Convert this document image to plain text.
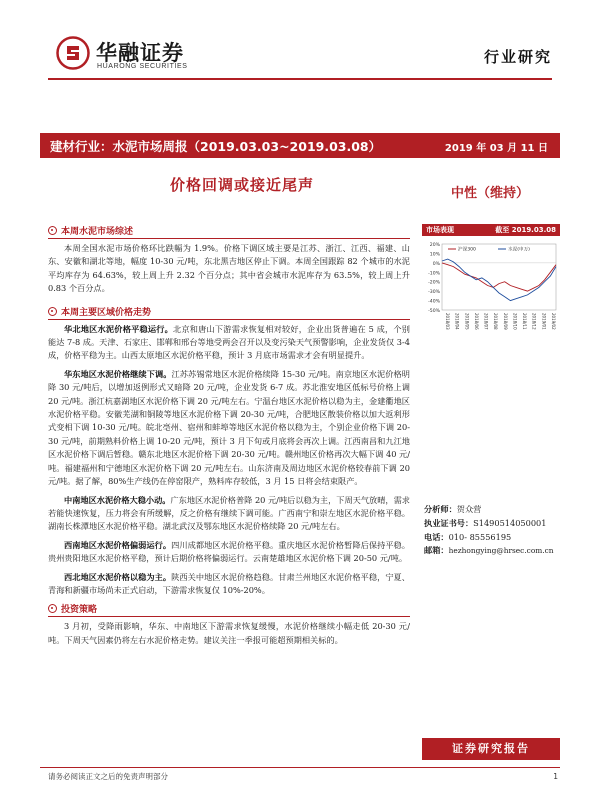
华融证券
HUARONG SECURITIES
行业研究
建材行业：水泥市场周报（2019.03.03~2019.03.08）	2019 年 03 月 11 日
价格回调或接近尾声	中性（维持）
本周水泥市场综述

本周全国水泥市场价格环比跌幅为 1.9%。价格下调区域主要是江苏、浙江、江西、福建、山东、安徽和湖北等地，幅度 10-30 元/吨，东北黑吉地区停止下调。本周全国跟踪 82 个城市的水泥平均库存为 64.63%，较上周上升 2.32 个百分点；其中省会城市水泥库存为 63.5%，较上周上升 0.83 个百分点。

本周主要区域价格走势

华北地区水泥价格平稳运行。北京和唐山下游需求恢复相对较好，企业出货普遍在 5 成，个别能达 7-8 成。天津、石家庄、邯郸和邢台等地受两会召开以及变污染天气预警影响，企业发货仅 3-4 成，价格平稳为主。山西太原地区水泥价格平稳，预计 3 月底市场需求才会有明显提升。

华东地区水泥价格继续下调。江苏苏锡常地区水泥价格续降 15-30 元/吨。南京地区水泥价格明降 30 元/吨后，以增加返例形式又暗降 20 元/吨，企业发货 6-7 成。苏北淮安地区低标号价格上调 20 元/吨。浙江杭嘉湖地区水泥价格下调 20 元/吨左右。宁温台地区水泥价格以稳为主，金建衢地区水泥价格平稳。安徽芜湖和铜陵等地区水泥价格下调 20-30 元/吨，合肥地区散装价格以加大返利形式变相下调 10-30 元/吨。皖北亳州、宿州和蚌埠等地区水泥价格以稳为主，个别企业价格下调 20-30 元/吨，前期熟料价格上调 10-20 元/吨，预计 3 月下旬或月底将会再次上调。江西南昌和九江地区水泥价格下调后暂稳。赣东北地区水泥价格下调 20-30 元/吨。赣州地区价格再次大幅下调 40 元/吨。福建福州和宁德地区水泥价格下调 20 元/吨左右。山东济南及周边地区水泥价格较春前下调 20 元/吨。据了解，80%生产线仍在停窑限产，熟料库存较低，3 月 15 日将会结束限产。

中南地区水泥价格大稳小动。广东地区水泥价格普降 20 元/吨后以稳为主，下周天气放晴，需求若能快速恢复，压力将会有所缓解，反之价格有继续下调可能。广西南宁和崇左地区水泥价格平稳。湖南长株潭地区水泥价格平稳。湖北武汉及鄂东地区水泥价格续降 20 元/吨左右。

西南地区水泥价格偏弱运行。四川成都地区水泥价格平稳。重庆地区水泥价格暂降后保持平稳。贵州贵阳地区水泥价格平稳，预计后期价格将偏弱运行。云南楚雄地区水泥价格下调 20-50 元/吨。

西北地区水泥价格以稳为主。陕西关中地区水泥价格趋稳。甘肃兰州地区水泥价格平稳，宁夏、青海和新疆市场尚未正式启动，下游需求恢复仅 10%-20%。

投资策略

3 月初，受降雨影响，华东、中南地区下游需求恢复缓慢，水泥价格继续小幅走低 20-30 元/吨。下周天气因素仍将左右水泥价格走势。建议关注一季报可能超预期相关标的。

市场表现	截至 2019.03.08
20%
10%
0%
-10%
-20%
-30%
-40%
-50%
2018/03 2018/04 2018/05 2018/06 2018/07 2018/08 2018/09 2018/10 2018/11 2018/12 2019/01 2019/02
沪深300	水泥(申万)
分析师：贺众营
执业证书号：S1490514050001
电话：010- 85556195
邮箱：hezhongying@hrsec.com.cn
证券研究报告
请务必阅读正文之后的免责声明部分	1
